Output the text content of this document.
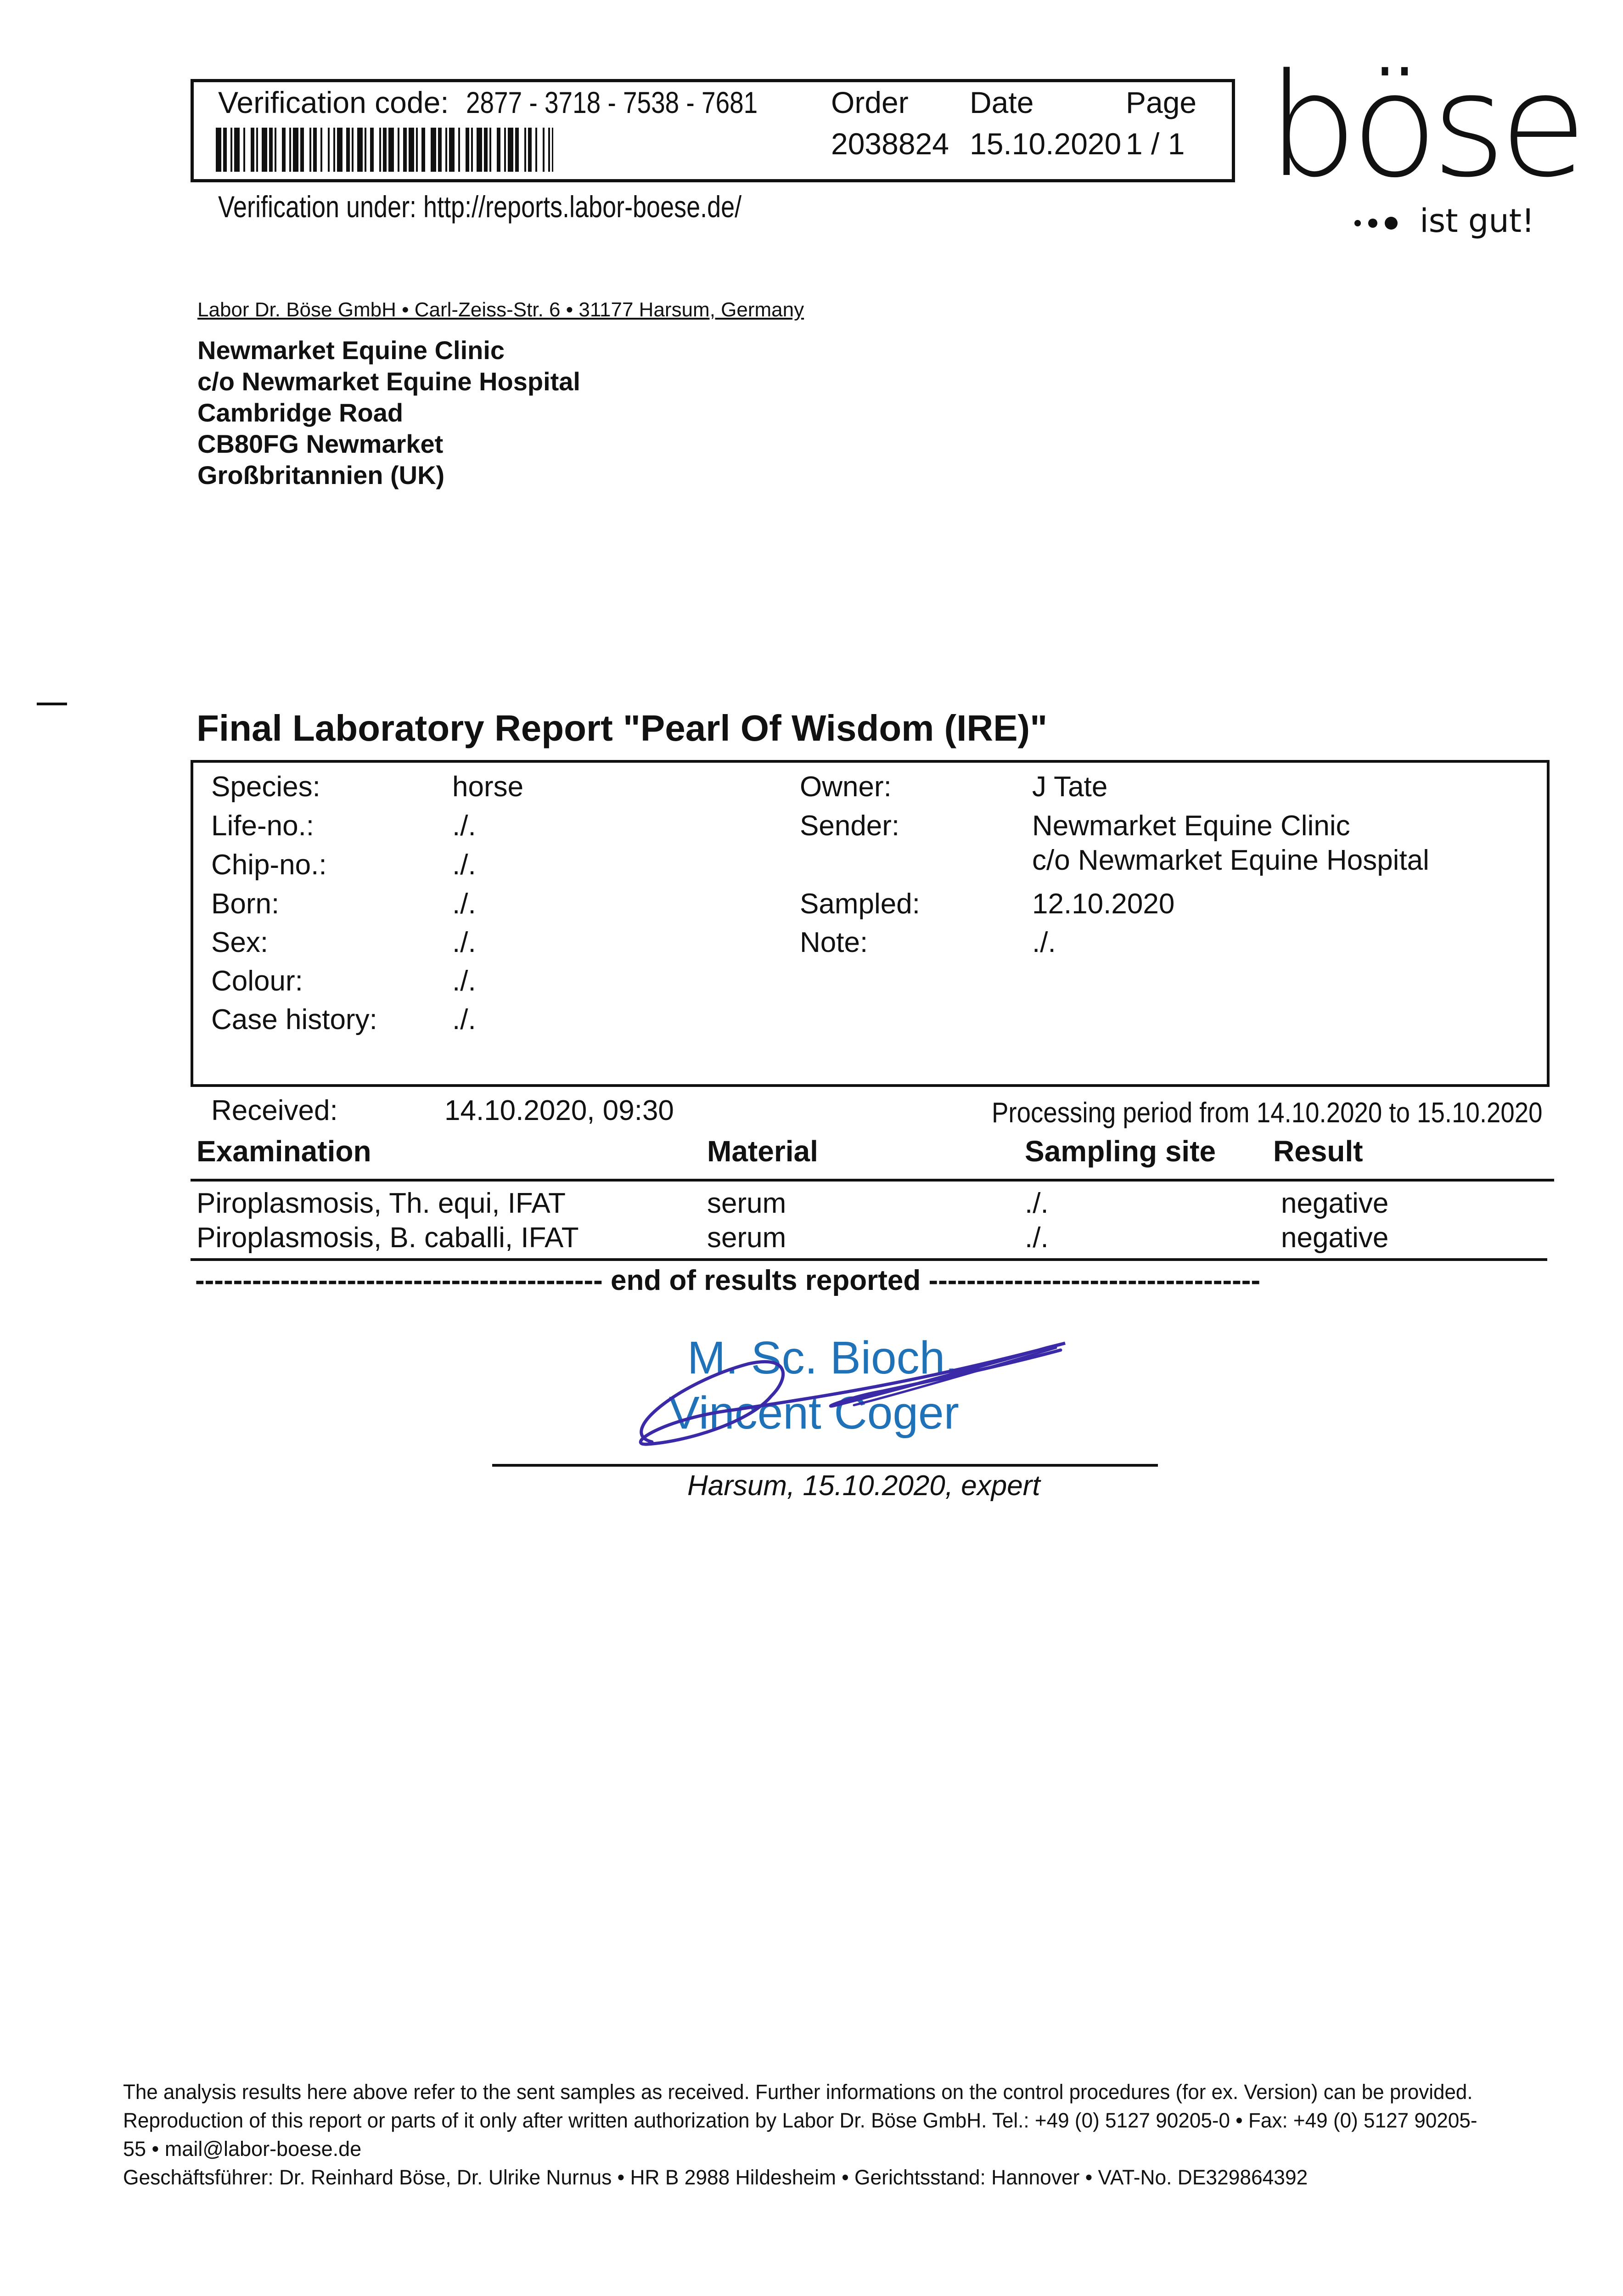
Verification code: 2877 - 3718 - 7538 - 7681 Order Date	Page
2038824 15.10.2020 1 / 1
Verification under: http://reports.labor-boese.de/	böse
ist gut!
Labor Dr. Böse GmbH • Carl-Zeiss-Str. 6 • 31177 Harsum, Germany
Newmarket Equine Clinic
c/o Newmarket Equine Hospital
Cambridge Road
CB80FG Newmarket
Großbritannien (UK)
Final Laboratory Report "Pearl Of Wisdom (IRE)"
Species:	horse
Life-no.:	./.
Chip-no.:	./.
Born:	./.
Sex:	./.
Colour:	./.
Case history:	./.
Owner:	J Tate
Sender:	Newmarket Equine Clinic
c/o Newmarket Equine Hospital
Sampled:	12.10.2020
Note:	./.
Received:	14.10.2020, 09:30	Processing period from 14.10.2020 to 15.10.2020
Examination	Material	Sampling site Result
Piroplasmosis, Th. equi, IFAT	serum	./.	negative
Piroplasmosis, B. caballi, IFAT	serum	./.	negative
------------------------------------------- end of results reported -----------------------------------
M. Sc. Bioch.
Vincent Coger
Harsum, 15.10.2020, expert
The analysis results here above refer to the sent samples as received. Further informations on the control procedures (for ex. Version) can be provided.
Reproduction of this report or parts of it only after written authorization by Labor Dr. Böse GmbH. Tel.: +49 (0) 5127 90205-0 • Fax: +49 (0) 5127 90205-
55 • mail@labor-boese.de
Geschäftsführer: Dr. Reinhard Böse, Dr. Ulrike Nurnus • HR B 2988 Hildesheim • Gerichtsstand: Hannover • VAT-No. DE329864392
